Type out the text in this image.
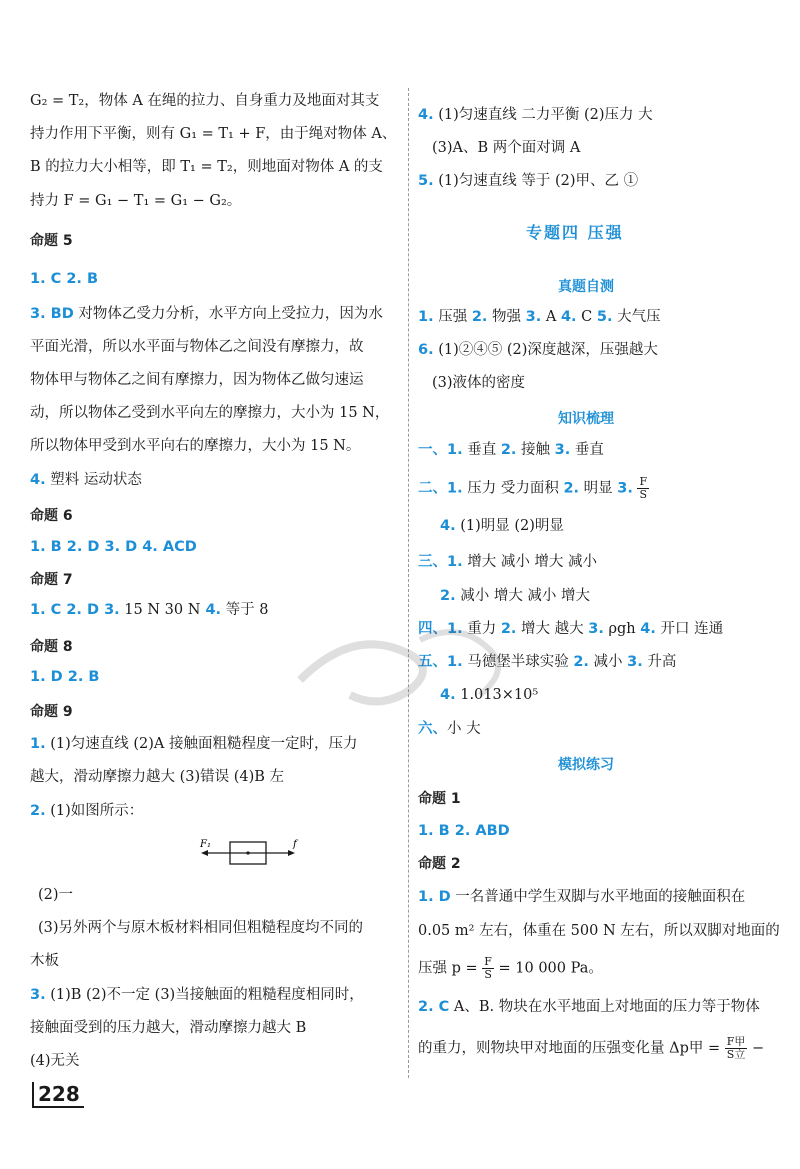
G₂ = T₂，物体 A 在绳的拉力、自身重力及地面对其支
持力作用下平衡，则有 G₁ = T₁ + F，由于绳对物体 A、
B 的拉力大小相等，即 T₁ = T₂，则地面对物体 A 的支
持力 F = G₁ − T₁ = G₁ − G₂。
命题 5
1. C 2. B
3. BD 对物体乙受力分析，水平方向上受拉力，因为水
平面光滑，所以水平面与物体乙之间没有摩擦力，故
物体甲与物体乙之间有摩擦力，因为物体乙做匀速运
动，所以物体乙受到水平向左的摩擦力，大小为 15 N，
所以物体甲受到水平向右的摩擦力，大小为 15 N。
4. 塑料 运动状态
命题 6
1. B 2. D 3. D 4. ACD
命题 7
1. C 2. D 3. 15 N 30 N 4. 等于 8
命题 8
1. D 2. B
命题 9
1. (1)匀速直线 (2)A 接触面粗糙程度一定时，压力
越大，滑动摩擦力越大 (3)错误 (4)B 左
2. (1)如图所示：
F₁	f
(2)一
(3)另外两个与原木板材料相同但粗糙程度均不同的
木板
3. (1)B (2)不一定 (3)当接触面的粗糙程度相同时，
接触面受到的压力越大，滑动摩擦力越大 B
(4)无关
4. (1)匀速直线 二力平衡 (2)压力 大
(3)A、B 两个面对调 A
5. (1)匀速直线 等于 (2)甲、乙 ①
专题四 压强
真题自测
1. 压强 2. 物强 3. A 4. C 5. 大气压
6. (1)②④⑤ (2)深度越深，压强越大
(3)液体的密度
知识梳理
一、1. 垂直 2. 接触 3. 垂直
二、1. 压力 受力面积 2. 明显 3. $\frac{F}{S}$
4. (1)明显 (2)明显
三、1. 增大 减小 增大 减小
2. 减小 增大 减小 增大
四、1. 重力 2. 增大 越大 3. ρgh 4. 开口 连通
五、1. 马德堡半球实验 2. 减小 3. 升高
4. 1.013×10⁵
六、小 大
模拟练习
命题 1
1. B 2. ABD
命题 2
1. D 一名普通中学生双脚与水平地面的接触面积在
0.05 m² 左右，体重在 500 N 左右，所以双脚对地面的
压强 $p = \frac{F}{S} = 10$ 000 Pa。
2. C A、B. 物块在水平地面上对地面的压力等于物体
的重力，则物块甲对地面的压强变化量 Δp甲 = $\frac{\text{F甲}}{\text{S立}}$ −
228
